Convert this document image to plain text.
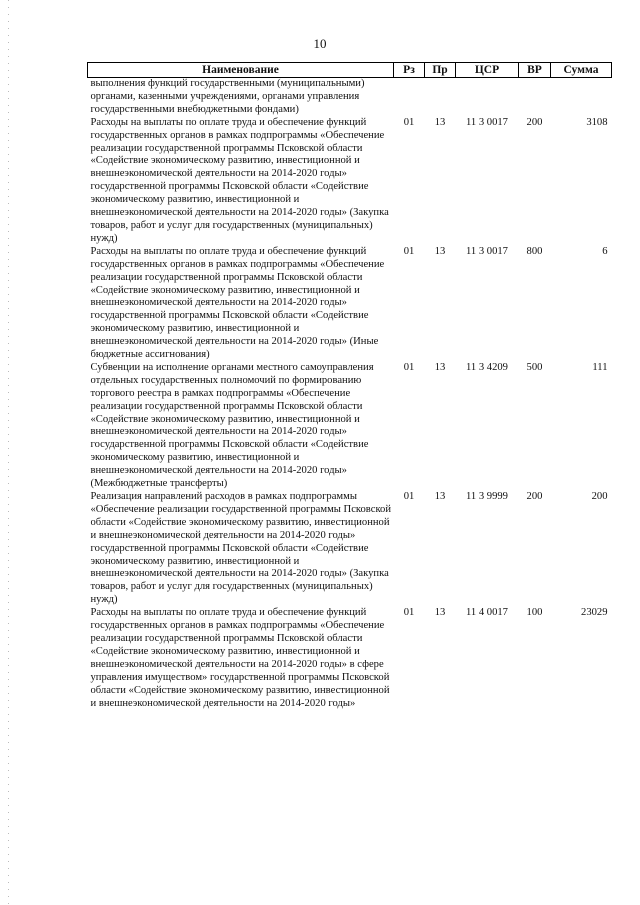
10
Наименование	Рз	Пр	ЦСР	ВР	Сумма
выполнения функций государственными (муниципальными) органами, казенными учреждениями, органами управления государственными внебюджетными фондами)					
Расходы на выплаты по оплате труда и обеспечение функций государственных органов в рамках подпрограммы «Обеспечение реализации государственной программы Псковской области «Содействие экономическому развитию, инвестиционной и внешнеэкономической деятельности на 2014-2020 годы» государственной программы Псковской области «Содействие экономическому развитию, инвестиционной и внешнеэкономической деятельности на 2014-2020 годы» (Закупка товаров, работ и услуг для государственных (муниципальных) нужд)	01	13	11 3 0017	200	3108
Расходы на выплаты по оплате труда и обеспечение функций государственных органов в рамках подпрограммы «Обеспечение реализации государственной программы Псковской области «Содействие экономическому развитию, инвестиционной и внешнеэкономической деятельности на 2014-2020 годы» государственной программы Псковской области «Содействие экономическому развитию, инвестиционной и внешнеэкономической деятельности на 2014-2020 годы» (Иные бюджетные ассигнования)	01	13	11 3 0017	800	6
Субвенции на исполнение органами местного самоуправления отдельных государственных полномочий по формированию торгового реестра в рамках подпрограммы «Обеспечение реализации государственной программы Псковской области «Содействие экономическому развитию, инвестиционной и внешнеэкономической деятельности на 2014-2020 годы» государственной программы Псковской области «Содействие экономическому развитию, инвестиционной и внешнеэкономической деятельности на 2014-2020 годы» (Межбюджетные трансферты)	01	13	11 3 4209	500	111
Реализация направлений расходов в рамках подпрограммы «Обеспечение реализации государственной программы Псковской области «Содействие экономическому развитию, инвестиционной и внешнеэкономической деятельности на 2014-2020 годы» государственной программы Псковской области «Содействие экономическому развитию, инвестиционной и внешнеэкономической деятельности на 2014-2020 годы» (Закупка товаров, работ и услуг для государственных (муниципальных) нужд)	01	13	11 3 9999	200	200
Расходы на выплаты по оплате труда и обеспечение функций государственных органов в рамках подпрограммы «Обеспечение реализации государственной программы Псковской области «Содействие экономическому развитию, инвестиционной и внешнеэкономической деятельности на 2014-2020 годы» в сфере управления имуществом» государственной программы Псковской области «Содействие экономическому развитию, инвестиционной и внешнеэкономической деятельности на 2014-2020 годы»	01	13	11 4 0017	100	23029
